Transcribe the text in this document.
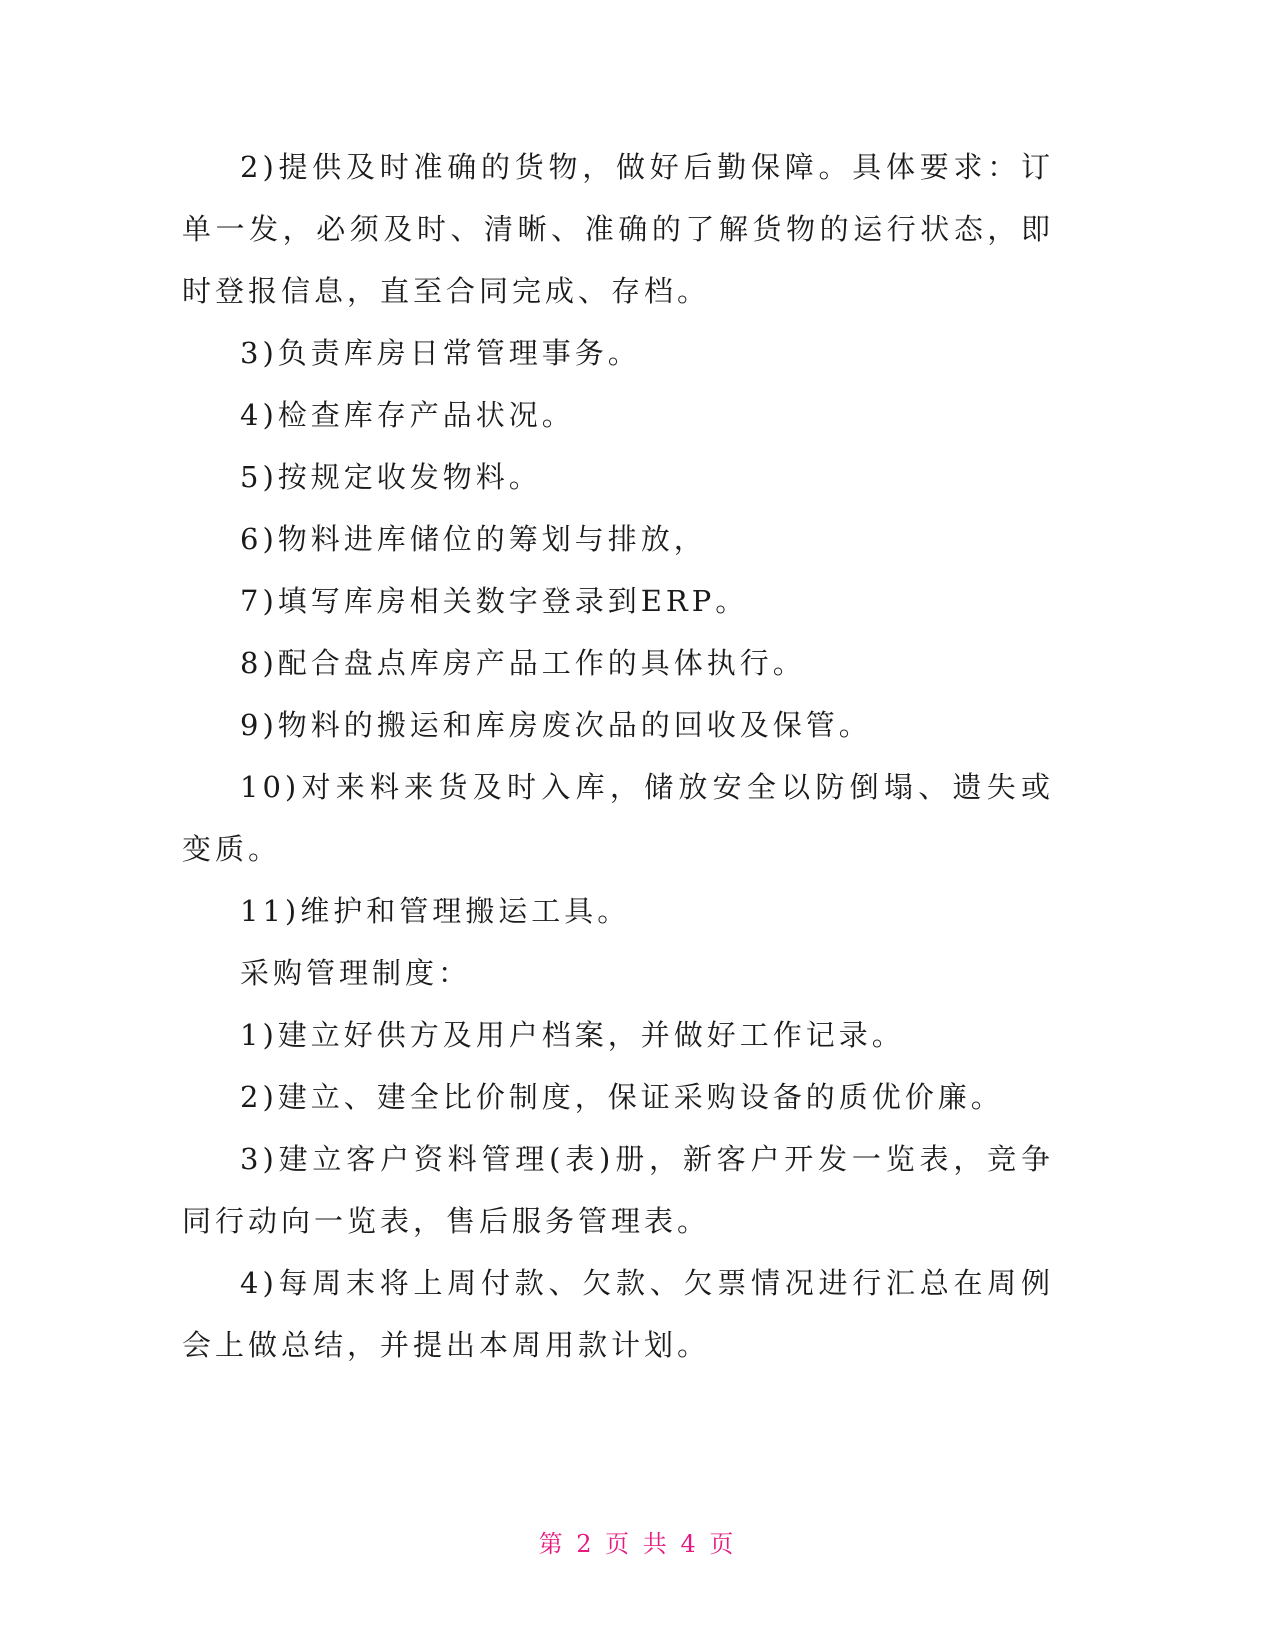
2)提供及时准确的货物，做好后勤保障。具体要求：订单一发，必须及时、清晰、准确的了解货物的运行状态，即时登报信息，直至合同完成、存档。

3)负责库房日常管理事务。

4)检查库存产品状况。

5)按规定收发物料。

6)物料进库储位的筹划与排放，

7)填写库房相关数字登录到ERP。

8)配合盘点库房产品工作的具体执行。

9)物料的搬运和库房废次品的回收及保管。

10)对来料来货及时入库，储放安全以防倒塌、遗失或变质。

11)维护和管理搬运工具。

采购管理制度：

1)建立好供方及用户档案，并做好工作记录。

2)建立、建全比价制度，保证采购设备的质优价廉。

3)建立客户资料管理(表)册，新客户开发一览表，竞争同行动向一览表，售后服务管理表。

4)每周末将上周付款、欠款、欠票情况进行汇总在周例会上做总结，并提出本周用款计划。

第 2 页 共 4 页
